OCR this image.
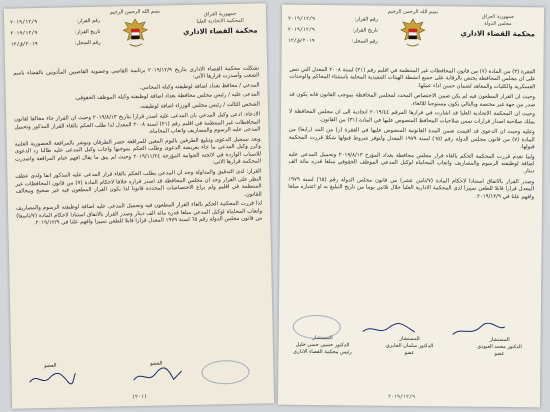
بسم الله الرحمن الرحيم	جمهورية العراق
المحكمة الاتحادية العليا
محكمة القضاء الاداري
رقم القرار:
٢٠١٩/١٢/٩
تاريخ القرار:
٢٠١٩/١٢/٩
رقم السجل:
٢٠١٩/ق/١٢

تشكلت محكمة القضاء الاداري بتاريخ ٢٠١٩/١٢/٩ برئاسة القاضي وعضوية القاضيين المأذونين بالقضاء باسم الشعب وأصدرت قرارها الآتي:

المدعي / محافظ بغداد اضافة لوظيفته وكيله المحامي.

المدعى عليه / رئيس مجلس محافظة بغداد اضافة لوظيفته وكيله الموظف الحقوقي.

الشخص الثالث / رئيس مجلس الوزراء اضافة لوظيفته.

الادعاء: ادعى وكيل المدعي بان المدعى عليه اصدر قرارا بتاريخ ٢٠١٩/٨/١٣ وحيث ان القرار جاء مخالفا لقانون المحافظات غير المنتظمة في اقليم رقم (٢١) لسنة ٢٠٠٨ المعدل لذا طلب الحكم بالغاء القرار المذكور وتحميل المدعى عليه الرسوم والمصاريف واتعاب المحاماة.

وبعد تسجيل الدعوى وتبليغ الطرفين باليوم المعين للمرافعة حضر الطرفان وبوشر بالمرافعة الحضورية العلنية وكرر وكيل المدعي ما جاء بعريضة الدعوى وطلب الحكم بموجبها واجاب وكيل المدعى عليه طالبا رد الدعوى للاسباب الواردة في لائحته الجوابية المؤرخة ٢٠١٩/١١/٢٤ وحيث لم يبق ما يقال افهم ختام المرافعة واصدرت المحكمة قرارها الاتي:

القرار: لدى التدقيق والمداولة وجد ان المدعي يطلب الحكم بالغاء قرار المدعى عليه المذكور انفا ولدى عطف النظر على القرار وجد ان مجلس المحافظة قد اصدر قراره خلافا لاحكام المادة (٧) من قانون المحافظات غير المنتظمة في اقليم ولم يراع الاختصاصات المحددة قانونا لذا يكون القرار المطعون فيه غير صحيح ومخالف للقانون.

لذا قررت المحكمة الحكم بالغاء القرار المطعون فيه وتحميل المدعى عليه اضافة لوظيفته الرسوم والمصاريف واتعاب المحاماة لوكيل المدعي مبلغا قدره مائة الف دينار وصدر القرار بالاتفاق استنادا لاحكام المادة (٧/تاسعا) من قانون مجلس الدولة رقم ٦٥ لسنة ١٩٧٩ المعدل قرارا قابلا للطعن تمييزا وافهم علنا في ٢٠١٩/١٢/٩.

العضو	العضو
(٢٠١)
بسم الله الرحمن الرحيم
جمهورية العراق
مجلس الدولة
محكمة القضاء الاداري
رقم القرار:
٢٠١٩/١٢/٩
تاريخ القرار:
٢٠١٩/١٢/٩
رقم السجل:
٢٠١٩/ق/١٢

الفقرة (٣) من المادة (٧) من قانون المحافظات غير المنتظمة في اقليم رقم (٢١) لسنة ٢٠٠٨ المعدل التي تنص على ان مجلس المحافظة يختص بالرقابة على جميع انشطة الهيئات التنفيذية المحلية باستثناء المحاكم والوحدات العسكرية والكليات والمعاهد لضمان حسن اداء عملها.

وحيث ان القرار المطعون فيه لم يكن ضمن الاختصاص المحدد لمجلس المحافظة بموجب القانون فانه يكون قد صدر من جهة غير مختصة وبالتالي يكون مستوجبا للالغاء.

وحيث ان المحكمة الاتحادية العليا قد اشارت في قرارها المرقم ٢٠١٩/٤٤ اتحادية الى ان مجلس المحافظة لا يملك صلاحية اصدار قرارات تمس صلاحيات المحافظ المنصوص عليها في المادة (٣١) من القانون.

وعليه وحيث ان الدعوى قد اقيمت ضمن المدة القانونية المنصوص عليها في الفقرة (ز) من البند (رابعا) من المادة (٧) من قانون مجلس الدولة رقم (٦٥) لسنة ١٩٧٩ المعدل ولتوفر شروط قبولها شكلا قررت المحكمة قبولها.

ولما تقدم قررت المحكمة الحكم بالغاء قرار مجلس محافظة بغداد المؤرخ ٢٠١٩/٨/١٣ وتحميل المدعى عليه اضافة لوظيفته الرسوم والمصاريف واتعاب المحاماة لوكيل المدعي الموظف الحقوقي مبلغا قدره مائة الف دينار.

وصدر القرار بالاتفاق استنادا لاحكام المادة (٧/ثامن عشر) من قانون مجلس الدولة رقم (٦٥) لسنة ١٩٧٩ المعدل قرارا قابلا للطعن تمييزا لدى المحكمة الادارية العليا خلال ثلاثين يوما من تاريخ التبليغ به او اعتباره مبلغا وافهم علنا في ٢٠١٩/١٢/٩.

المستشار
الدكتور محمد العبودي
عضو
المستشار
الدكتور سلمان الجابري
عضو
المستشار
الدكتور حسين حسن خليل
رئيس محكمة القضاء الاداري
٢٠١٩/١٢/٩
